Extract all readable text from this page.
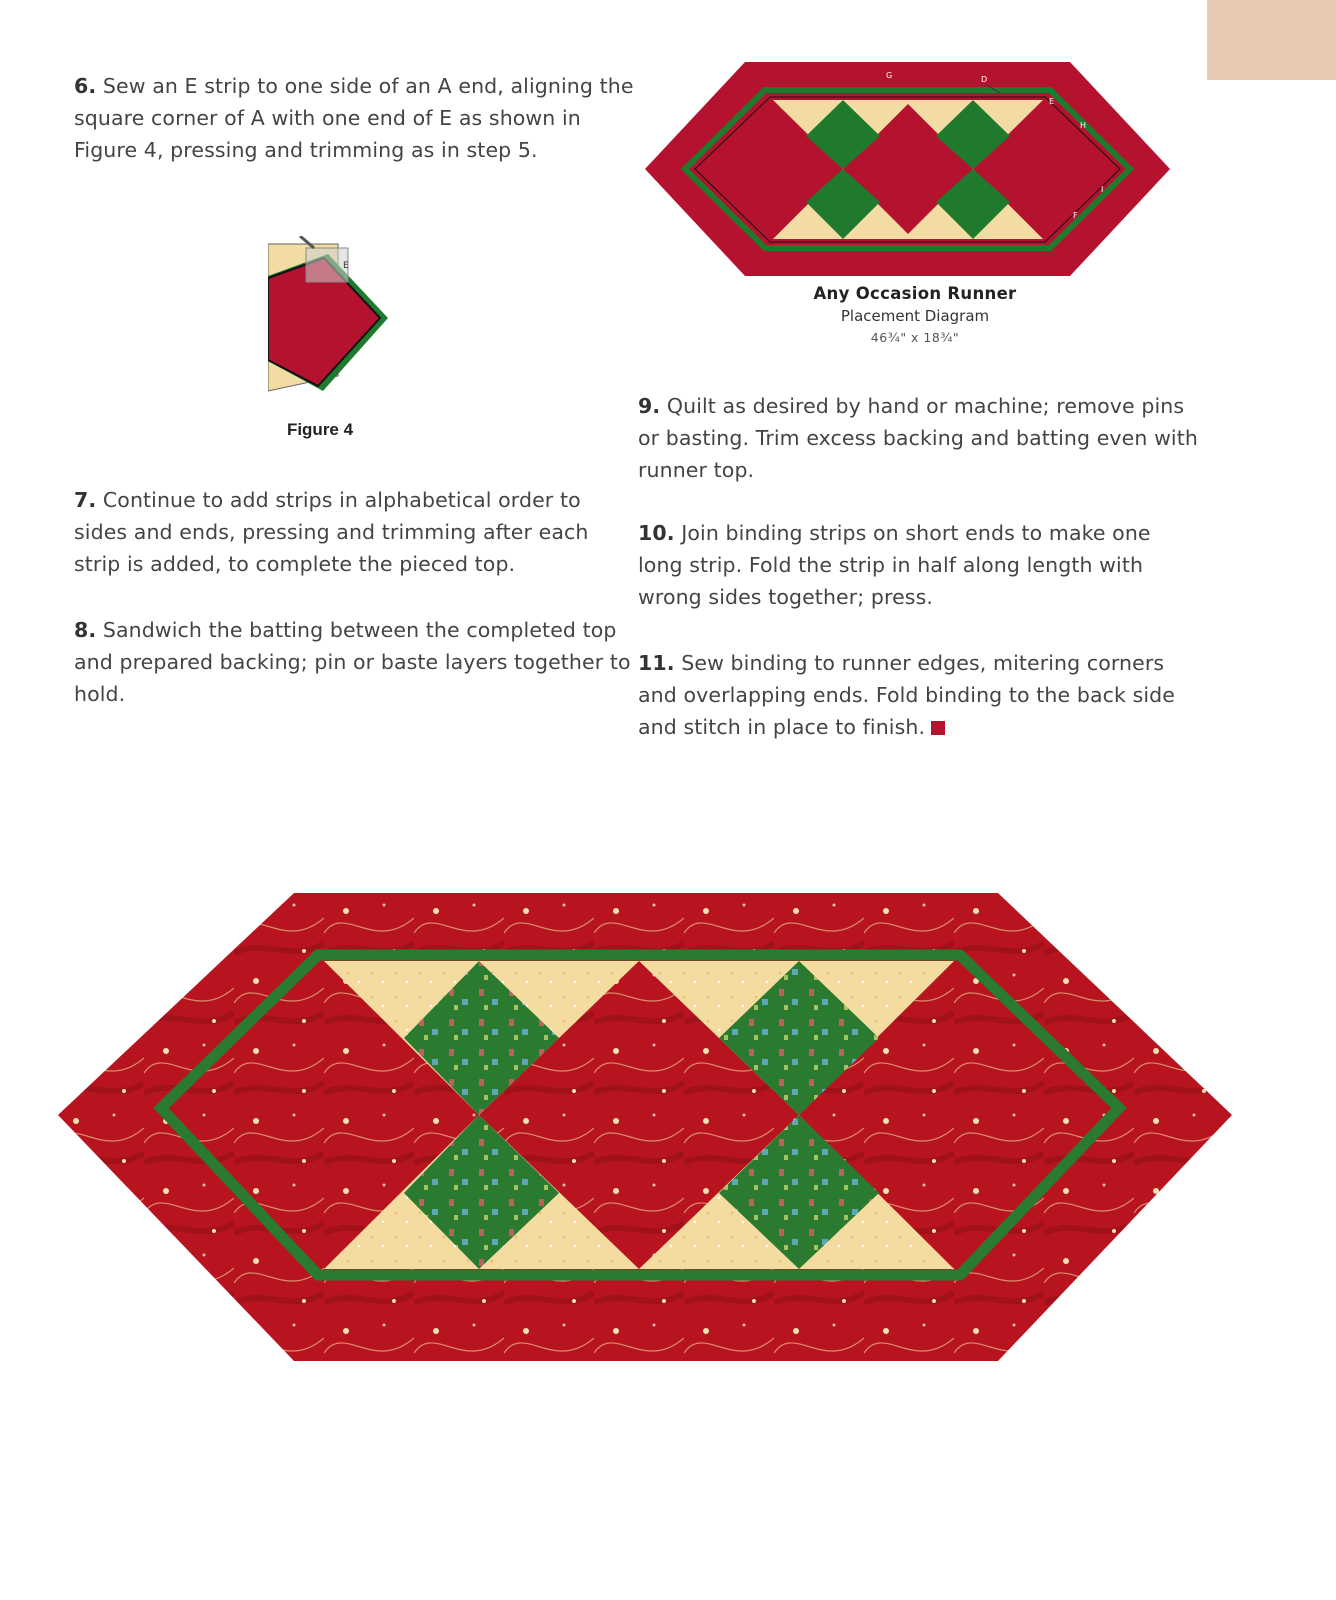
6. Sew an E strip to one side of an A end, aligning the square corner of A with one end of E as shown in Figure 4, pressing and trimming as in step 5.

E
Figure 4

7. Continue to add strips in alphabetical order to sides and ends, pressing and trimming after each strip is added, to complete the pieced top.

8. Sandwich the batting between the completed top and prepared backing; pin or baste layers together to hold.

G	D
E
H
I
F
Any Occasion Runner
Placement Diagram
46¾" x 18¾"

9. Quilt as desired by hand or machine; remove pins or basting. Trim excess backing and batting even with runner top.

10. Join binding strips on short ends to make one long strip. Fold the strip in half along length with wrong sides together; press.

11. Sew binding to runner edges, mitering corners and overlapping ends. Fold binding to the back side and stitch in place to finish.
